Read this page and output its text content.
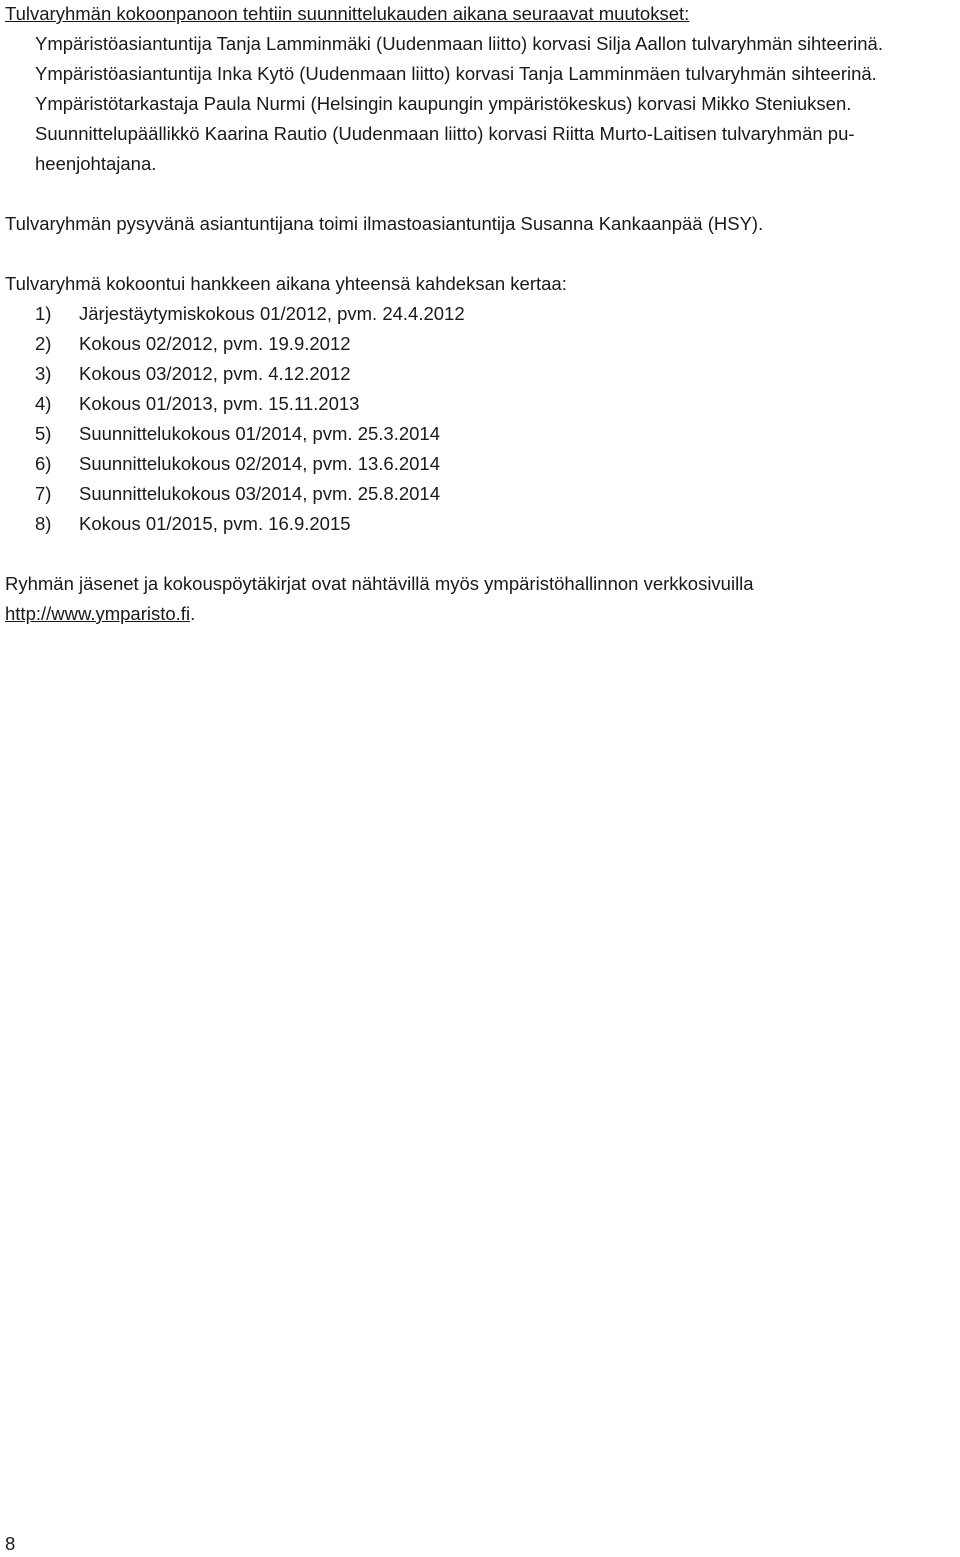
Tulvaryhmän kokoonpanoon tehtiin suunnittelukauden aikana seuraavat muutokset:
Ympäristöasiantuntija Tanja Lamminmäki (Uudenmaan liitto) korvasi Silja Aallon tulvaryhmän sihteerinä.
Ympäristöasiantuntija Inka Kytö (Uudenmaan liitto) korvasi Tanja Lamminmäen tulvaryhmän sihteerinä.
Ympäristötarkastaja Paula Nurmi (Helsingin kaupungin ympäristökeskus) korvasi Mikko Steniuksen.
Suunnittelupäällikkö Kaarina Rautio (Uudenmaan liitto) korvasi Riitta Murto-Laitisen tulvaryhmän pu-
heenjohtajana.

Tulvaryhmän pysyvänä asiantuntijana toimi ilmastoasiantuntija Susanna Kankaanpää (HSY).

Tulvaryhmä kokoontui hankkeen aikana yhteensä kahdeksan kertaa:

1)	Järjestäytymiskokous 01/2012, pvm. 24.4.2012
2)	Kokous 02/2012, pvm. 19.9.2012
3)	Kokous 03/2012, pvm. 4.12.2012
4)	Kokous 01/2013, pvm. 15.11.2013
5)	Suunnittelukokous 01/2014, pvm. 25.3.2014
6)	Suunnittelukokous 02/2014, pvm. 13.6.2014
7)	Suunnittelukokous 03/2014, pvm. 25.8.2014
8)	Kokous 01/2015, pvm. 16.9.2015

Ryhmän jäsenet ja kokouspöytäkirjat ovat nähtävillä myös ympäristöhallinnon verkkosivuilla
http://www.ymparisto.fi.

8
